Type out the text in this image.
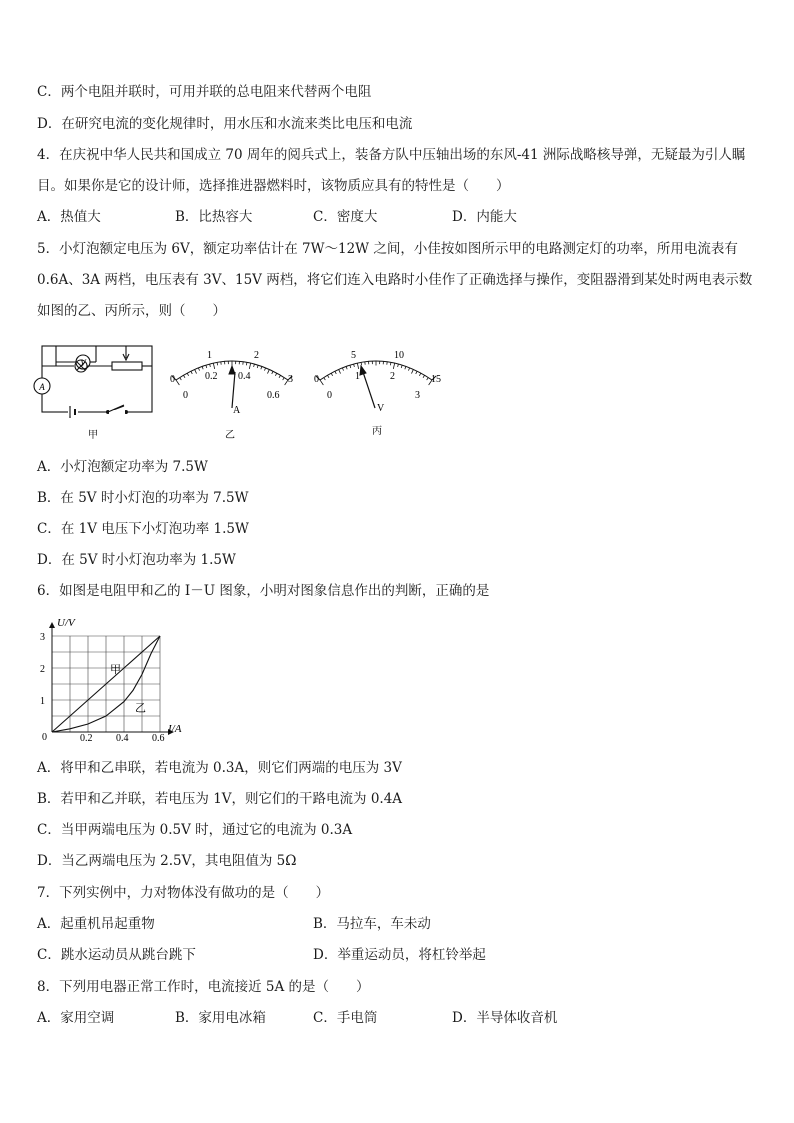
C．两个电阻并联时，可用并联的总电阻来代替两个电阻
D．在研究电流的变化规律时，用水压和水流来类比电压和电流
4．在庆祝中华人民共和国成立 70 周年的阅兵式上，装备方队中压轴出场的东风-41 洲际战略核导弹，无疑最为引人瞩
目。如果你是它的设计师，选择推进器燃料时，该物质应具有的特性是（　　）
A．热值大	B．比热容大	C．密度大	D．内能大
5．小灯泡额定电压为 6V，额定功率估计在 7W～12W 之间，小佳按如图所示甲的电路测定灯的功率，所用电流表有
0.6A、3A 两档，电压表有 3V、15V 两档，将它们连入电路时小佳作了正确选择与操作，变阻器滑到某处时两电表示数
如图的乙、丙所示，则（　　）
V
A
甲
0
1	2
3
0
0.2 0.4
0.6
A
乙
0
5	10
15
0
1	2
3
V
丙
A．小灯泡额定功率为 7.5W
B．在 5V 时小灯泡的功率为 7.5W
C．在 1V 电压下小灯泡功率 1.5W
D．在 5V 时小灯泡功率为 1.5W
6．如图是电阻甲和乙的 I－U 图象，小明对图象信息作出的判断，正确的是
0.2 0.4 0.6
1
2
3
甲
乙
U/V
I/A
0
A．将甲和乙串联，若电流为 0.3A，则它们两端的电压为 3V
B．若甲和乙并联，若电压为 1V，则它们的干路电流为 0.4A
C．当甲两端电压为 0.5V 时，通过它的电流为 0.3A
D．当乙两端电压为 2.5V，其电阻值为 5Ω
7．下列实例中，力对物体没有做功的是（　　）
A．起重机吊起重物	B．马拉车，车未动
C．跳水运动员从跳台跳下	D．举重运动员，将杠铃举起
8．下列用电器正常工作时，电流接近 5A 的是（　　）
A．家用空调	B．家用电冰箱	C．手电筒	D．半导体收音机
